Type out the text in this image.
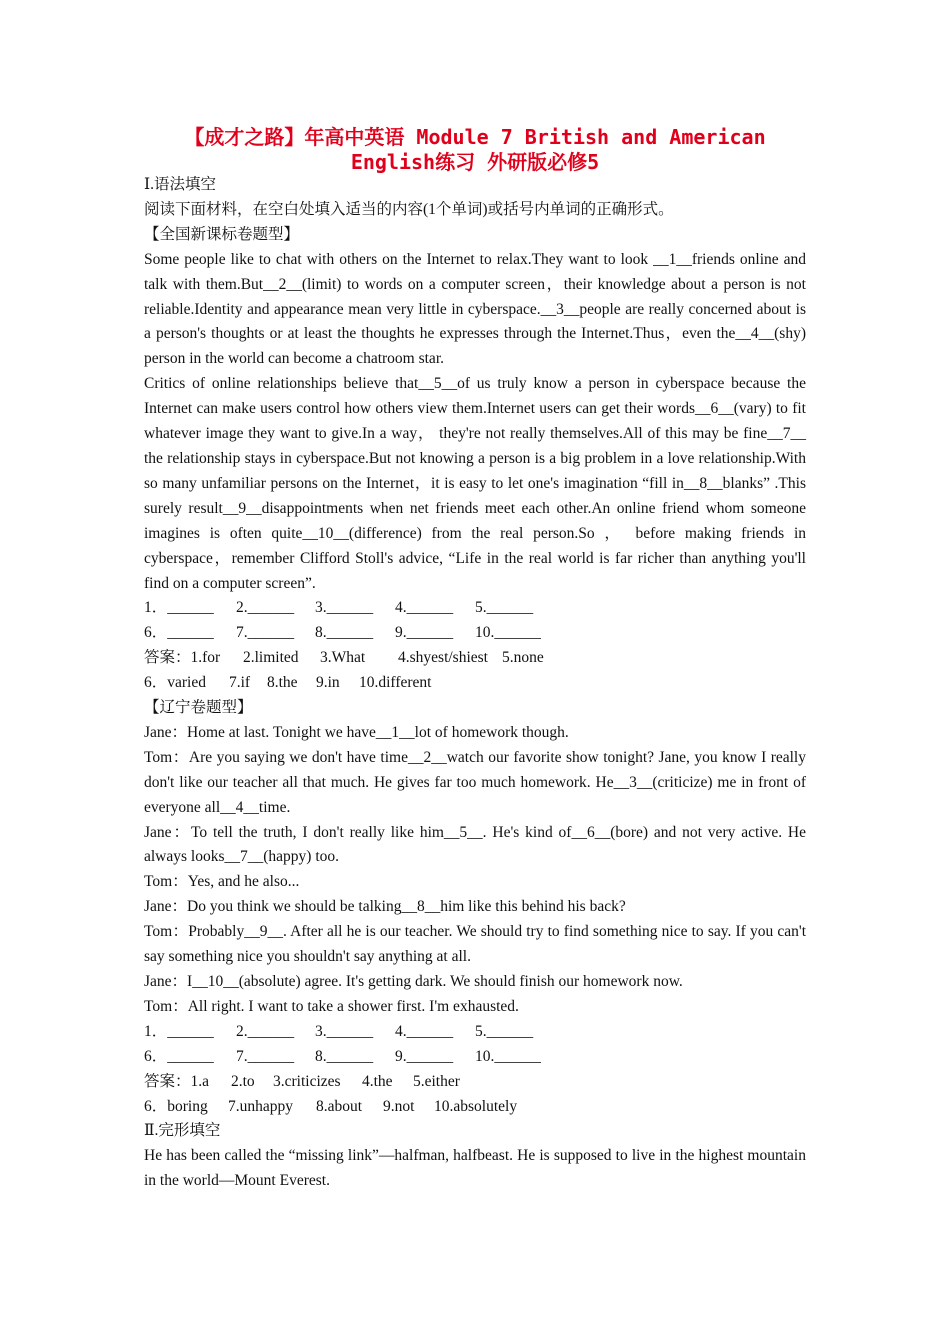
【成才之路】年高中英语 Module 7 British and American
English练习 外研版必修5

Ⅰ.语法填空

阅读下面材料，在空白处填入适当的内容(1个单词)或括号内单词的正确形式。

【全国新课标卷题型】

Some people like to chat with others on the Internet to relax.They want to look __1__friends online and talk with them.But__2__(limit) to words on a computer screen，their knowledge about a person is not reliable.Identity and appearance mean very little in cyberspace.__3__people are really concerned about is a person's thoughts or at least the thoughts he expresses through the Internet.Thus，even the__4__(shy) person in the world can become a chatroom star.

Critics of online relationships believe that__5__of us truly know a person in cyberspace because the Internet can make users control how others view them.Internet users can get their words__6__(vary) to fit whatever image they want to give.In a way， they're not really themselves.All of this may be fine__7__ the relationship stays in cyberspace.But not knowing a person is a big problem in a love relationship.With so many unfamiliar persons on the Internet，it is easy to let one's imagination “fill in__8__blanks” .This surely result__9__disappointments when net friends meet each other.An online friend whom someone imagines is often quite__10__(difference) from the real person.So ， before making friends in cyberspace，remember Clifford Stoll's advice, “Life in the real world is far richer than anything you'll find on a computer screen”.

1．______ 2.______ 3.______ 4.______ 5.______

6．______ 7.______ 8.______ 9.______ 10.______

答案：1.for 2.limited 3.What 4.shyest/shiest 5.none

6．varied 7.if 8.the 9.in 10.different

【辽宁卷题型】

Jane：Home at last. Tonight we have__1__lot of homework though.

Tom：Are you saying we don't have time__2__watch our favorite show tonight? Jane, you know I really don't like our teacher all that much. He gives far too much homework. He__3__(criticize) me in front of everyone all__4__time.

Jane：To tell the truth, I don't really like him__5__. He's kind of__6__(bore) and not very active. He always looks__7__(happy) too.

Tom：Yes, and he also...

Jane：Do you think we should be talking__8__him like this behind his back?

Tom：Probably__9__. After all he is our teacher. We should try to find something nice to say. If you can't say something nice you shouldn't say anything at all.

Jane：I__10__(absolute) agree. It's getting dark. We should finish our homework now.

Tom：All right. I want to take a shower first. I'm exhausted.

1．______ 2.______ 3.______ 4.______ 5.______

6．______ 7.______ 8.______ 9.______ 10.______

答案：1.a 2.to 3.criticizes 4.the 5.either

6．boring 7.unhappy 8.about 9.not 10.absolutely

Ⅱ.完形填空

He has been called the “missing link”—halfman, halfbeast. He is supposed to live in the highest mountain in the world—Mount Everest.
